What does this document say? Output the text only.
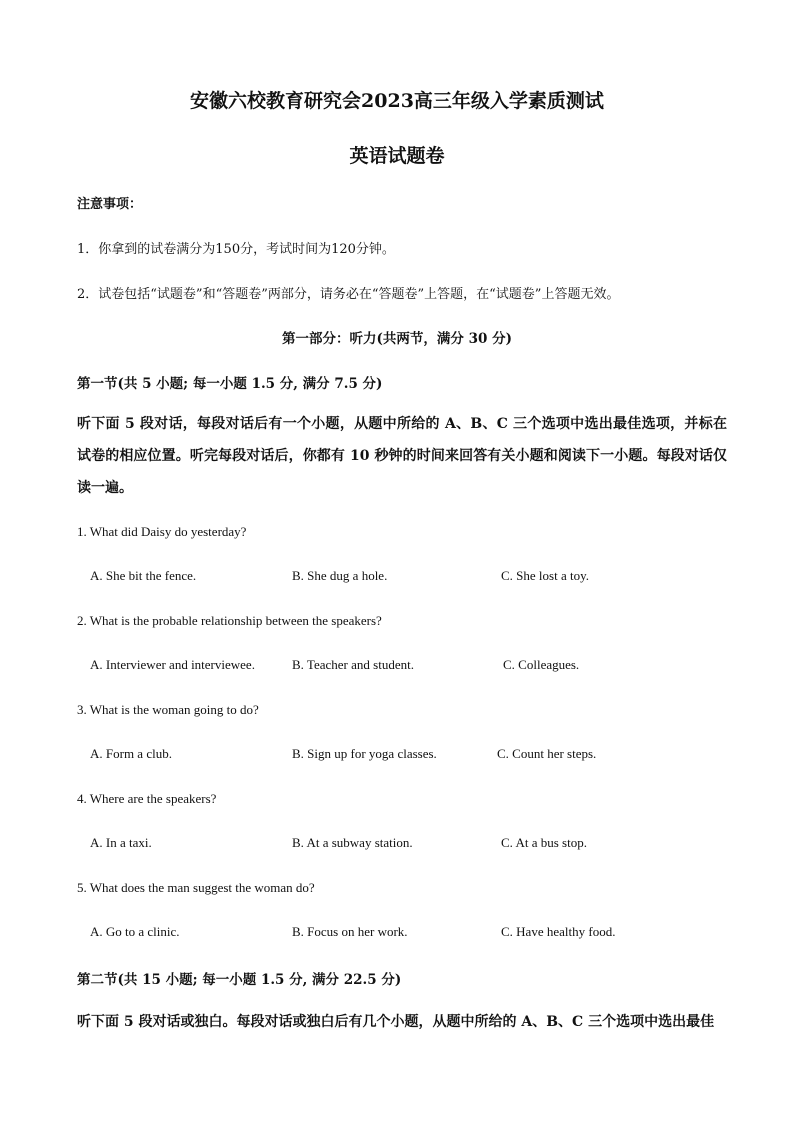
安徽六校教育研究会2023高三年级入学素质测试
英语试题卷
注意事项：
1．你拿到的试卷满分为150分，考试时间为120分钟。
2．试卷包括“试题卷”和“答题卷”两部分，请务必在“答题卷”上答题，在“试题卷”上答题无效。
第一部分：听力(共两节，满分 30 分)
第一节(共 5 小题; 每一小题 1.5 分, 满分 7.5 分)
听下面 5 段对话，每段对话后有一个小题，从题中所给的 A、B、C 三个选项中选出最佳选项，并标在试卷的相应位置。听完每段对话后，你都有 10 秒钟的时间来回答有关小题和阅读下一小题。每段对话仅读一遍。
1. What did Daisy do yesterday?
A. She bit the fence.	B. She dug a hole.	C. She lost a toy.
2. What is the probable relationship between the speakers?
A. Interviewer and interviewee.	B. Teacher and student.	C. Colleagues.
3. What is the woman going to do?
A. Form a club.	B. Sign up for yoga classes.	C. Count her steps.
4. Where are the speakers?
A. In a taxi.	B. At a subway station.	C. At a bus stop.
5. What does the man suggest the woman do?
A. Go to a clinic.	B. Focus on her work.	C. Have healthy food.
第二节(共 15 小题; 每一小题 1.5 分, 满分 22.5 分)
听下面 5 段对话或独白。每段对话或独白后有几个小题，从题中所给的 A、B、C 三个选项中选出最佳
